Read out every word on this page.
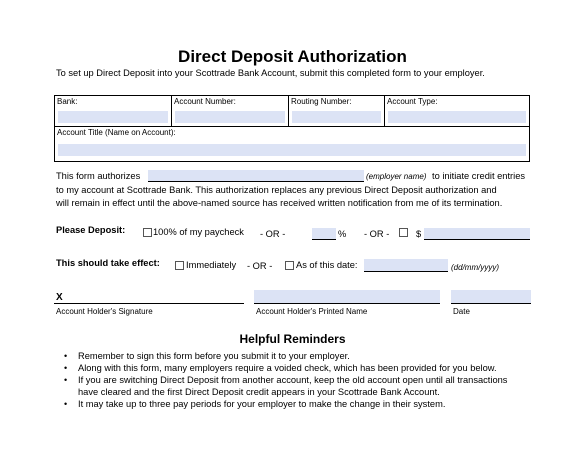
Direct Deposit Authorization
To set up Direct Deposit into your Scottrade Bank Account, submit this completed form to your employer.
Bank:	Account Number:	Routing Number:	Account Type:

Account Title (Name on Account):
This form authorizes	(employer name) to initiate credit entries
to my account at Scottrade Bank. This authorization replaces any previous Direct Deposit authorization and
will remain in effect until the above-named source has received written notification from me of its termination.
Please Deposit:	100% of my paycheck - OR -	% - OR -	$
This should take effect:	Immediately - OR -	As of this date:	(dd/mm/yyyy)
X
Account Holder's Signature	Account Holder's Printed Name	Date
Helpful Reminders
• Remember to sign this form before you submit it to your employer.
• Along with this form, many employers require a voided check, which has been provided for you below.
• If you are switching Direct Deposit from another account, keep the old account open until all transactions
have cleared and the first Direct Deposit credit appears in your Scottrade Bank Account.
• It may take up to three pay periods for your employer to make the change in their system.
